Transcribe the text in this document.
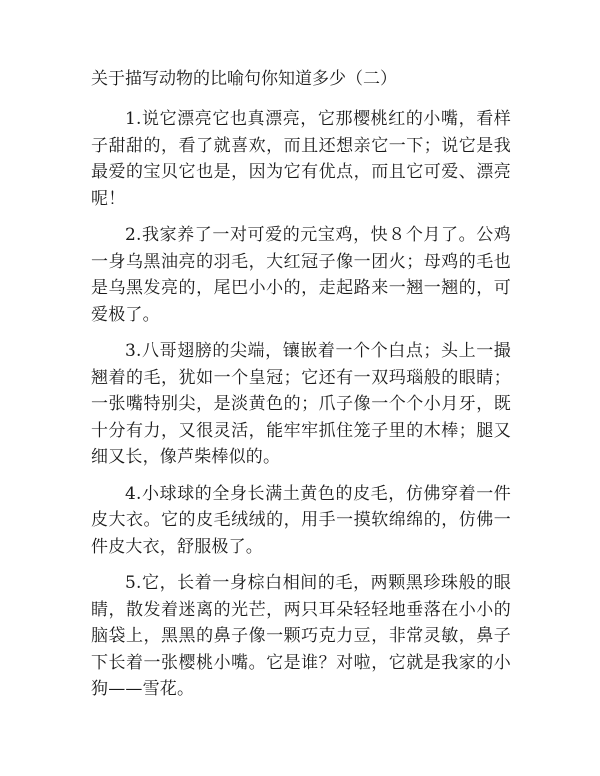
关于描写动物的比喻句你知道多少（二）

1.说它漂亮它也真漂亮，它那樱桃红的小嘴，看样子甜甜的，看了就喜欢，而且还想亲它一下；说它是我最爱的宝贝它也是，因为它有优点，而且它可爱、漂亮呢！

2.我家养了一对可爱的元宝鸡，快８个月了。公鸡一身乌黑油亮的羽毛，大红冠子像一团火；母鸡的毛也是乌黑发亮的，尾巴小小的，走起路来一翘一翘的，可爱极了。

3.八哥翅膀的尖端，镶嵌着一个个白点；头上一撮翘着的毛，犹如一个皇冠；它还有一双玛瑙般的眼睛；一张嘴特别尖，是淡黄色的；爪子像一个个小月牙，既十分有力，又很灵活，能牢牢抓住笼子里的木棒；腿又细又长，像芦柴棒似的。

4.小球球的全身长满土黄色的皮毛，仿佛穿着一件皮大衣。它的皮毛绒绒的，用手一摸软绵绵的，仿佛一件皮大衣，舒服极了。

5.它，长着一身棕白相间的毛，两颗黑珍珠般的眼睛，散发着迷离的光芒，两只耳朵轻轻地垂落在小小的脑袋上，黑黑的鼻子像一颗巧克力豆，非常灵敏，鼻子下长着一张樱桃小嘴。它是谁？对啦，它就是我家的小狗——雪花。
